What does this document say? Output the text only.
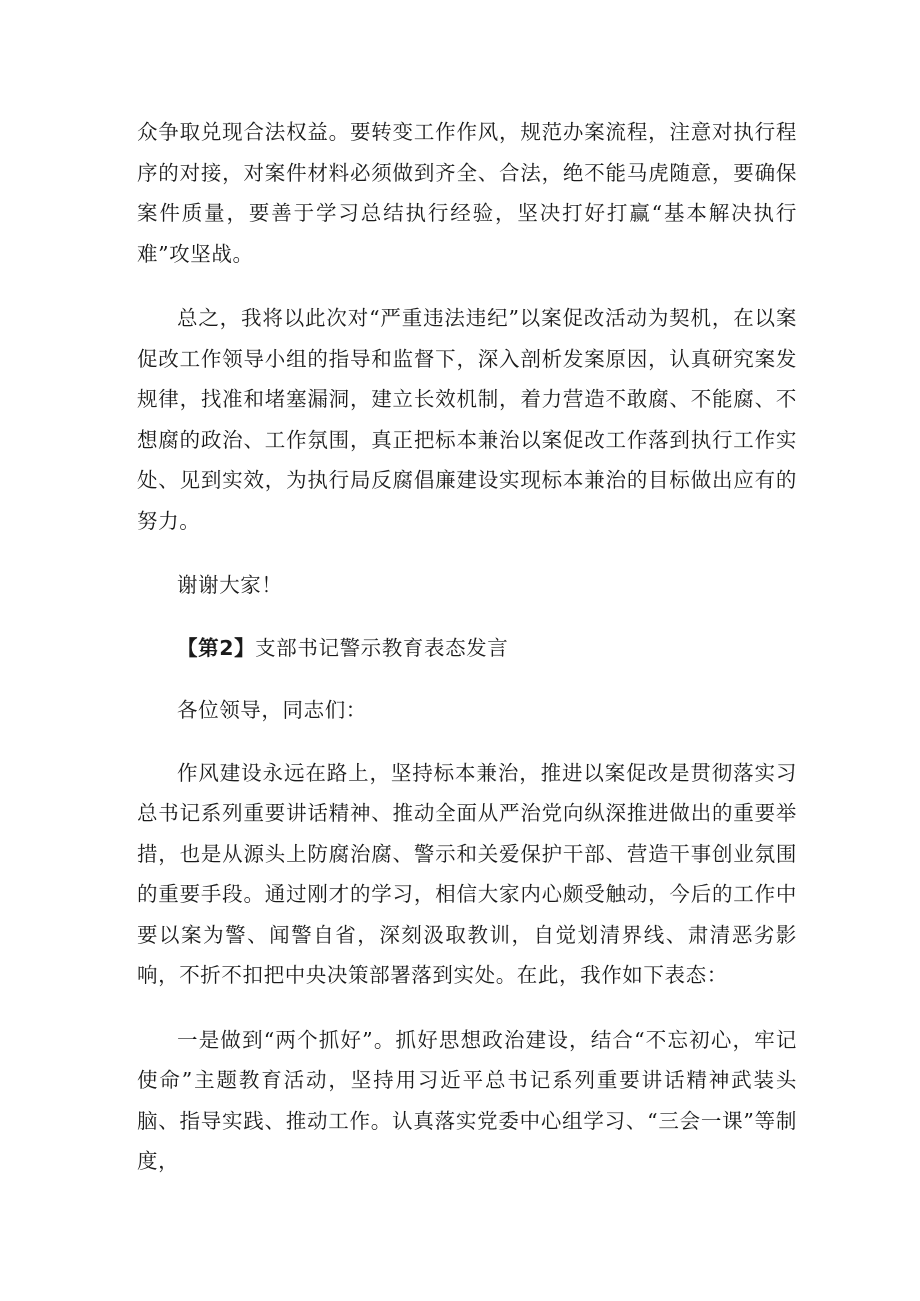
众争取兑现合法权益。要转变工作作风，规范办案流程，注意对执行程序的对接，对案件材料必须做到齐全、合法，绝不能马虎随意，要确保案件质量，要善于学习总结执行经验，坚决打好打赢“基本解决执行难”攻坚战。

总之，我将以此次对“严重违法违纪”以案促改活动为契机，在以案促改工作领导小组的指导和监督下，深入剖析发案原因，认真研究案发规律，找准和堵塞漏洞，建立长效机制，着力营造不敢腐、不能腐、不想腐的政治、工作氛围，真正把标本兼治以案促改工作落到执行工作实处、见到实效，为执行局反腐倡廉建设实现标本兼治的目标做出应有的努力。

谢谢大家！

【第2】支部书记警示教育表态发言

各位领导，同志们：

作风建设永远在路上，坚持标本兼治，推进以案促改是贯彻落实习总书记系列重要讲话精神、推动全面从严治党向纵深推进做出的重要举措，也是从源头上防腐治腐、警示和关爱保护干部、营造干事创业氛围的重要手段。通过刚才的学习，相信大家内心颇受触动，今后的工作中要以案为警、闻警自省，深刻汲取教训，自觉划清界线、肃清恶劣影响，不折不扣把中央决策部署落到实处。在此，我作如下表态：

一是做到“两个抓好”。抓好思想政治建设，结合“不忘初心，牢记使命”主题教育活动，坚持用习近平总书记系列重要讲话精神武装头脑、指导实践、推动工作。认真落实党委中心组学习、“三会一课”等制度，
